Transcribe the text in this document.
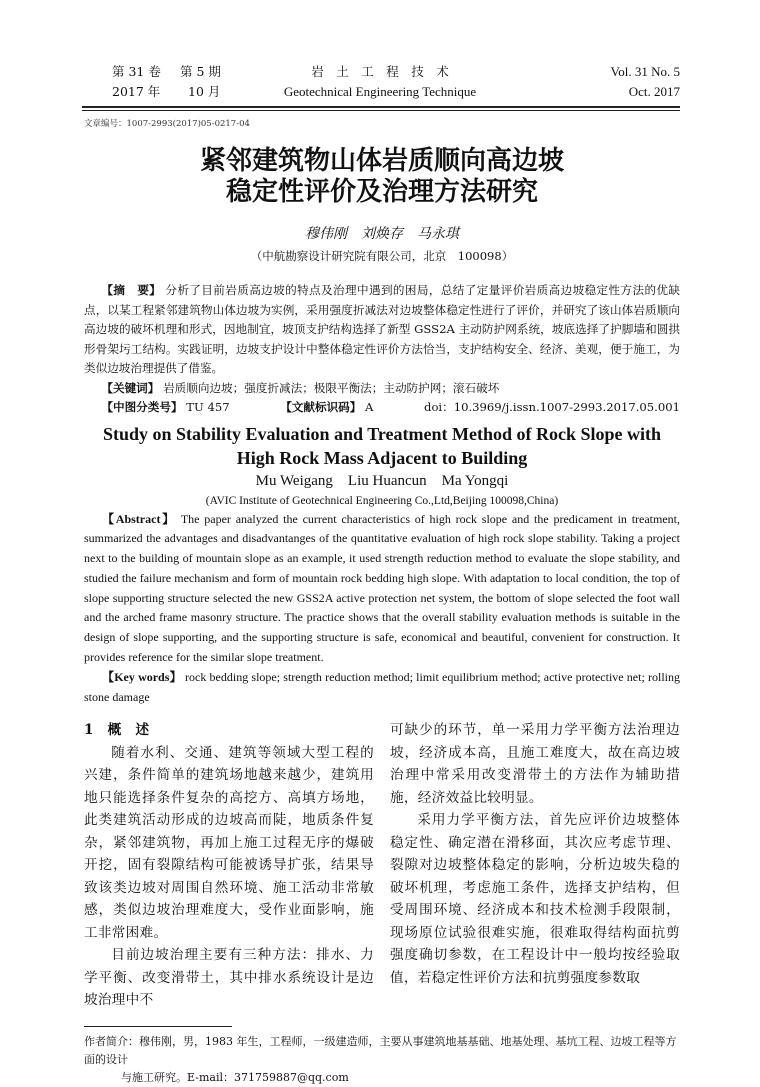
第 31 卷 第 5 期
2017 年 10 月
岩　土　工　程　技　术
Geotechnical Engineering Technique
Vol. 31 No. 5
Oct. 2017
文章编号：1007-2993(2017)05-0217-04
紧邻建筑物山体岩质顺向高边坡
稳定性评价及治理方法研究
穆伟刚　刘焕存　马永琪
（中航勘察设计研究院有限公司，北京　100098）
【摘　要】 分析了目前岩质高边坡的特点及治理中遇到的困局，总结了定量评价岩质高边坡稳定性方法的优缺点，以某工程紧邻建筑物山体边坡为实例，采用强度折减法对边坡整体稳定性进行了评价，并研究了该山体岩质顺向高边坡的破坏机理和形式，因地制宜，坡顶支护结构选择了新型 GSS2A 主动防护网系统，坡底选择了护脚墙和圆拱形骨架圬工结构。实践证明，边坡支护设计中整体稳定性评价方法恰当，支护结构安全、经济、美观，便于施工，为类似边坡治理提供了借鉴。
【关键词】 岩质顺向边坡；强度折减法；极限平衡法；主动防护网；滚石破坏
【中图分类号】 TU 457	【文献标识码】 A	doi：10.3969/j.issn.1007-2993.2017.05.001
Study on Stability Evaluation and Treatment Method of Rock Slope with
High Rock Mass Adjacent to Building
Mu Weigang　Liu Huancun　Ma Yongqi
(AVIC Institute of Geotechnical Engineering Co.,Ltd,Beijing 100098,China)
【Abstract】 The paper analyzed the current characteristics of high rock slope and the predicament in treatment, summarized the advantages and disadvantanges of the quantitative evaluation of high rock slope stability. Taking a project next to the building of mountain slope as an example, it used strength reduction method to evaluate the slope stability, and studied the failure mechanism and form of mountain rock bedding high slope. With adaptation to local condition, the top of slope supporting structure selected the new GSS2A active protection net system, the bottom of slope selected the foot wall and the arched frame masonry structure. The practice shows that the overall stability evaluation methods is suitable in the design of slope supporting, and the supporting structure is safe, economical and beautiful, convenient for construction. It provides reference for the similar slope treatment.
【Key words】 rock bedding slope; strength reduction method; limit equilibrium method; active protective net; rolling stone damage
1　概　述

随着水利、交通、建筑等领域大型工程的兴建，条件简单的建筑场地越来越少，建筑用地只能选择条件复杂的高挖方、高填方场地，此类建筑活动形成的边坡高而陡，地质条件复杂，紧邻建筑物，再加上施工过程无序的爆破开挖，固有裂隙结构可能被诱导扩张，结果导致该类边坡对周围自然环境、施工活动非常敏感，类似边坡治理难度大，受作业面影响，施工非常困难。

目前边坡治理主要有三种方法：排水、力学平衡、改变滑带土，其中排水系统设计是边坡治理中不

可缺少的环节，单一采用力学平衡方法治理边坡，经济成本高，且施工难度大，故在高边坡治理中常采用改变滑带土的方法作为辅助措施，经济效益比较明显。

采用力学平衡方法，首先应评价边坡整体稳定性、确定潜在滑移面，其次应考虑节理、裂隙对边坡整体稳定的影响，分析边坡失稳的破坏机理，考虑施工条件，选择支护结构，但受周围环境、经济成本和技术检测手段限制，现场原位试验很难实施，很难取得结构面抗剪强度确切参数，在工程设计中一般均按经验取值，若稳定性评价方法和抗剪强度参数取

作者简介：穆伟刚，男，1983 年生，工程师，一级建造师，主要从事建筑地基基础、地基处理、基坑工程、边坡工程等方面的设计
与施工研究。E-mail：371759887@qq.com
